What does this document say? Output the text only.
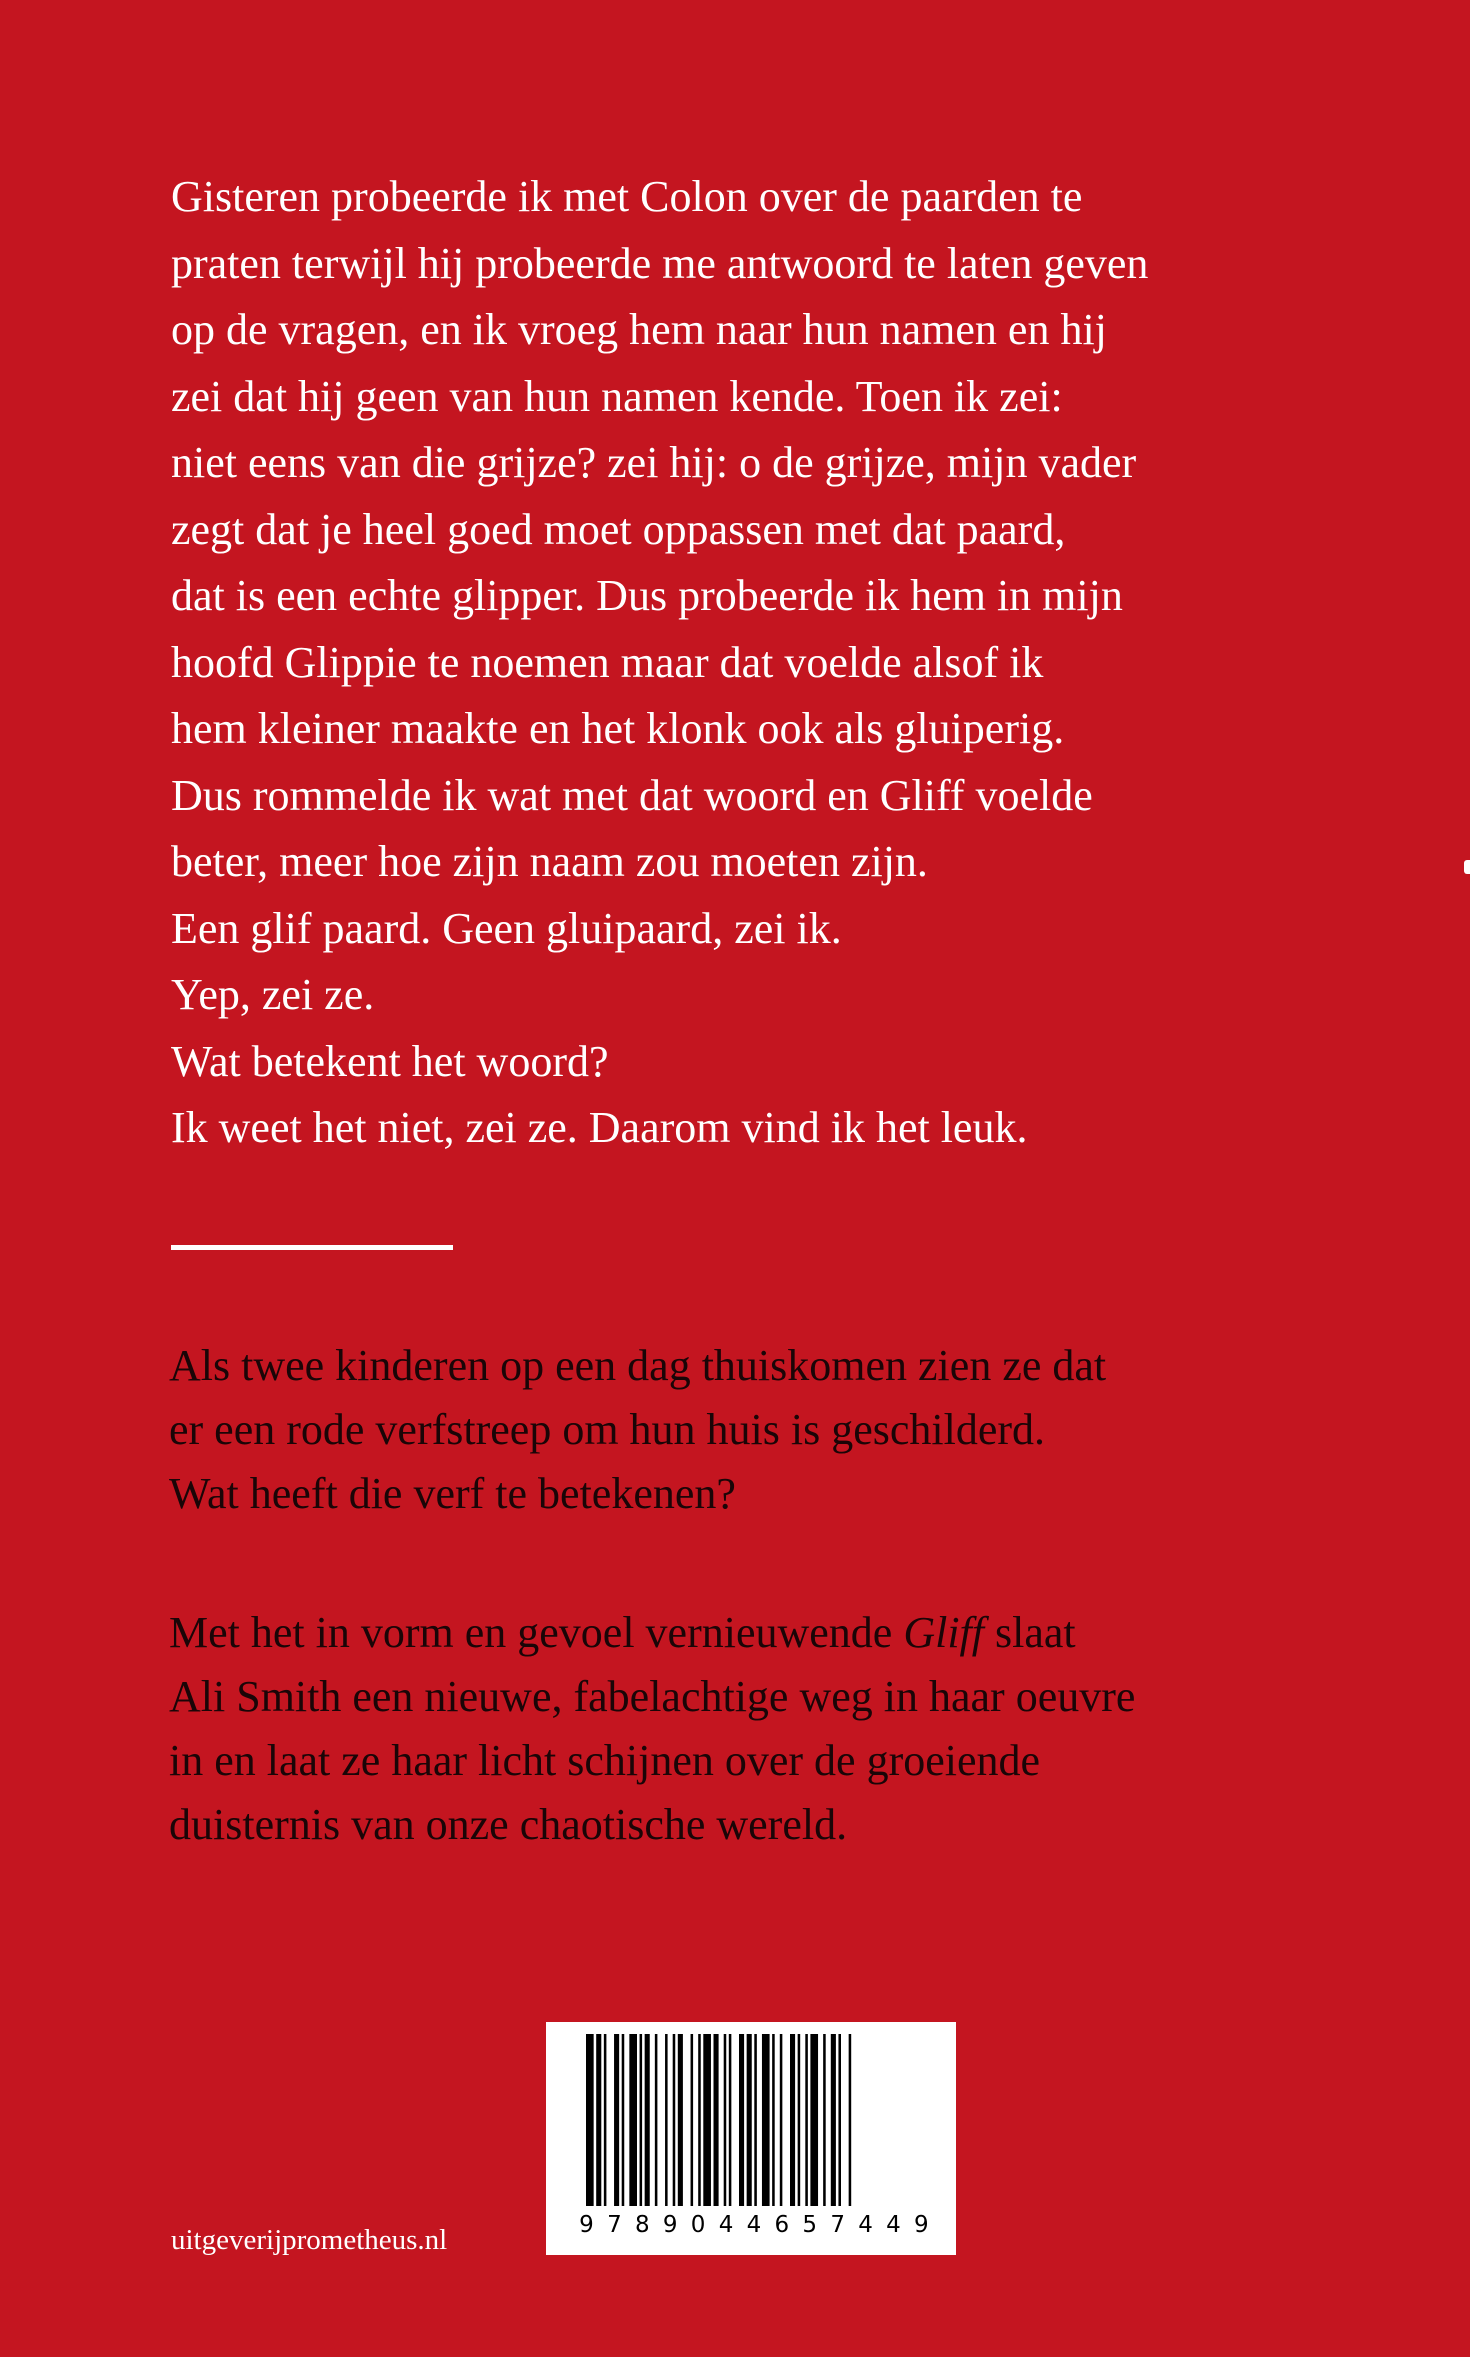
Gisteren probeerde ik met Colon over de paarden te
praten terwijl hij probeerde me antwoord te laten geven
op de vragen, en ik vroeg hem naar hun namen en hij
zei dat hij geen van hun namen kende. Toen ik zei:
niet eens van die grijze? zei hij: o de grijze, mijn vader
zegt dat je heel goed moet oppassen met dat paard,
dat is een echte glipper. Dus probeerde ik hem in mijn
hoofd Glippie te noemen maar dat voelde alsof ik
hem kleiner maakte en het klonk ook als gluiperig.
Dus rommelde ik wat met dat woord en Gliff voelde
beter, meer hoe zijn naam zou moeten zijn.
Een glif paard. Geen gluipaard, zei ik.
Yep, zei ze.
Wat betekent het woord?
Ik weet het niet, zei ze. Daarom vind ik het leuk.

Als twee kinderen op een dag thuiskomen zien ze dat
er een rode verfstreep om hun huis is geschilderd.
Wat heeft die verf te betekenen?

Met het in vorm en gevoel vernieuwende Gliff slaat
Ali Smith een nieuwe, fabelachtige weg in haar oeuvre
in en laat ze haar licht schijnen over de groeiende
duisternis van onze chaotische wereld.

9 7 8 9 0 4 4 6 5 7 4 4 9

uitgeverijprometheus.nl
